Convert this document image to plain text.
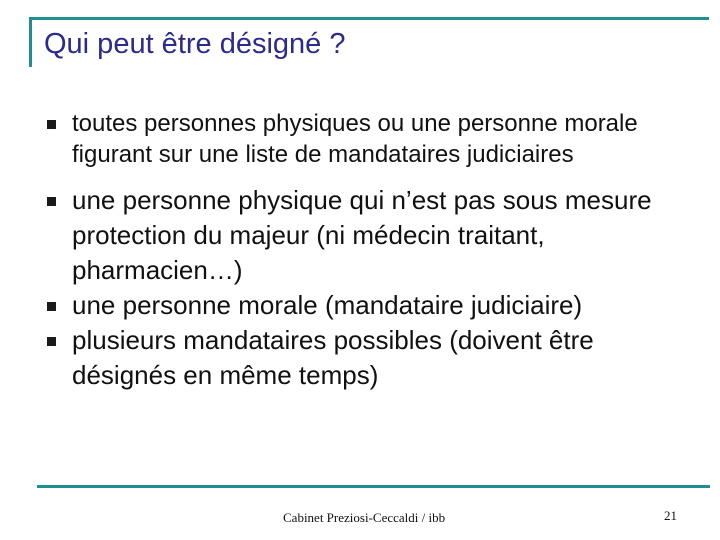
Qui peut être désigné ?
toutes personnes physiques ou une personne morale figurant sur une liste de mandataires judiciaires
une personne physique qui n’est pas sous mesure protection du majeur (ni médecin traitant, pharmacien…)
une personne morale (mandataire judiciaire)
plusieurs mandataires possibles (doivent être désignés en même temps)
Cabinet Preziosi-Ceccaldi / ibb	21
